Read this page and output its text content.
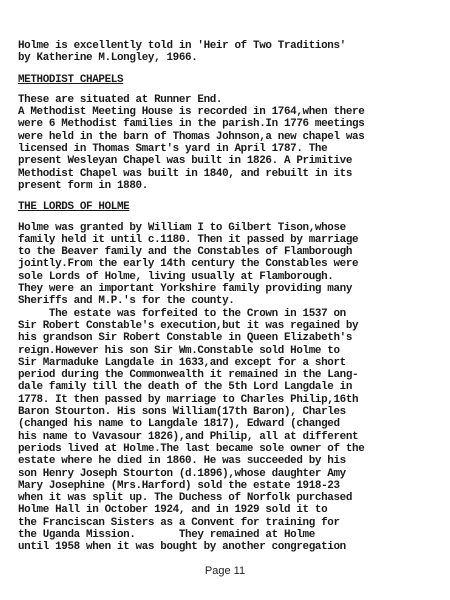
Holme is excellently told in 'Heir of Two Traditions'
by Katherine M.Longley, 1966.
METHODIST CHAPELS
These are situated at Runner End.
A Methodist Meeting House is recorded in 1764,when there
were 6 Methodist families in the parish.In 1776 meetings
were held in the barn of Thomas Johnson,a new chapel was
licensed in Thomas Smart's yard in April 1787. The
present Wesleyan Chapel was built in 1826. A Primitive
Methodist Chapel was built in 1840, and rebuilt in its
present form in 1880.
THE LORDS OF HOLME
Holme was granted by William I to Gilbert Tison,whose
family held it until c.1180. Then it passed by marriage
to the Beaver family and the Constables of Flamborough
jointly.From the early 14th century the Constables were
sole Lords of Holme, living usually at Flamborough.
They were an important Yorkshire family providing many
Sheriffs and M.P.'s for the county.
The estate was forfeited to the Crown in 1537 on
Sir Robert Constable's execution,but it was regained by
his grandson Sir Robert Constable in Queen Elizabeth's
reign.However his son Sir Wm.Constable sold Holme to
Sir Marmaduke Langdale in 1633,and except for a short
period during the Commonwealth it remained in the Lang-
dale family till the death of the 5th Lord Langdale in
1778. It then passed by marriage to Charles Philip,16th
Baron Stourton. His sons William(17th Baron), Charles
(changed his name to Langdale 1817), Edward (changed
his name to Vavasour 1826),and Philip, all at different
periods lived at Holme.The last became sole owner of the
estate where he died in 1860. He was succeeded by his
son Henry Joseph Stourton (d.1896),whose daughter Amy
Mary Josephine (Mrs.Harford) sold the estate 1918-23
when it was split up. The Duchess of Norfolk purchased
Holme Hall in October 1924, and in 1929 sold it to
the Franciscan Sisters as a Convent for training for
the Uganda Mission.       They remained at Holme
until 1958 when it was bought by another congregation
Page 11
